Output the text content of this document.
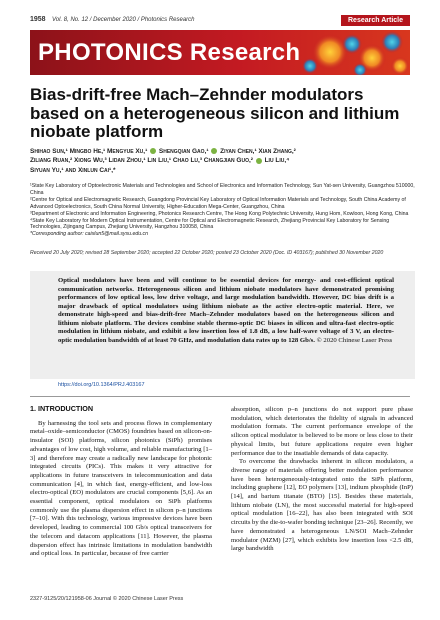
1958 Vol. 8, No. 12 / December 2020 / Photonics Research	Research Article
PHOTONICS Research
Bias-drift-free Mach–Zehnder modulators based on a heterogeneous silicon and lithium niobate platform
Shihao Sun,¹ Mingbo He,¹ Mengyue Xu,¹ Shengqian Gao,¹ Ziyan Chen,¹ Xian Zhang,²
Ziliang Ruan,² Xiong Wu,³ Lidan Zhou,¹ Lin Liu,¹ Chao Lu,³ Changjian Guo,² Liu Liu,⁴
Siyuan Yu,¹ and Xinlun Cai¹,*

¹State Key Laboratory of Optoelectronic Materials and Technologies and School of Electronics and Information Technology, Sun Yat-sen University, Guangzhou 510000, China

²Centre for Optical and Electromagnetic Research, Guangdong Provincial Key Laboratory of Optical Information Materials and Technology, South China Academy of Advanced Optoelectronics, South China Normal University, Higher-Education Mega-Center, Guangzhou, China

³Department of Electronic and Information Engineering, Photonics Research Centre, The Hong Kong Polytechnic University, Hung Hom, Kowloon, Hong Kong, China

⁴State Key Laboratory for Modern Optical Instrumentation, Centre for Optical and Electromagnetic Research, Zhejiang Provincial Key Laboratory for Sensing Technologies, Zijingang Campus, Zhejiang University, Hangzhou 310058, China

*Corresponding author: caixlun5@mail.sysu.edu.cn

Received 20 July 2020; revised 28 September 2020; accepted 22 October 2020; posted 23 October 2020 (Doc. ID 403167); published 30 November 2020
Optical modulators have been and will continue to be essential devices for energy- and cost-efficient optical communication networks. Heterogeneous silicon and lithium niobate modulators have demonstrated promising performances of low optical loss, low drive voltage, and large modulation bandwidth. However, DC bias drift is a major drawback of optical modulators using lithium niobate as the active electro-optic material. Here, we demonstrate high-speed and bias-drift-free Mach–Zehnder modulators based on the heterogeneous silicon and lithium niobate platform. The devices combine stable thermo-optic DC biases in silicon and ultra-fast electro-optic modulation in lithium niobate, and exhibit a low insertion loss of 1.8 dB, a low half-wave voltage of 3 V, an electro-optic modulation bandwidth of at least 70 GHz, and modulation data rates up to 128 Gb/s. © 2020 Chinese Laser Press
https://doi.org/10.1364/PRJ.403167
1. INTRODUCTION

By harnessing the tool sets and process flows in complementary metal–oxide–semiconductor (CMOS) foundries based on silicon-on-insulator (SOI) platforms, silicon photonics (SiPh) promises advantages of low cost, high volume, and reliable manufacturing [1–3] and therefore may create a radically new landscape for photonic integrated circuits (PICs). This makes it very attractive for applications in future transceivers in telecommunication and data communication [4], in which fast, energy-efficient, and low-loss electro-optical (EO) modulators are crucial components [5,6]. As an essential component, optical modulators on SiPh platforms commonly use the plasma dispersion effect in silicon p–n junctions [7–10]. With this technology, various impressive devices have been developed, leading to commercial 100 Gb/s optical transceivers for the telecom and datacom applications [11]. However, the plasma dispersion effect has intrinsic limitations in modulation bandwidth and optical loss. In particular, because of free carrier

absorption, silicon p–n junctions do not support pure phase modulation, which deteriorates the fidelity of signals in advanced modulation formats. The current performance envelope of the silicon optical modulator is believed to be more or less close to their physical limits, but future applications require even higher performance due to the insatiable demands of data capacity.

To overcome the drawbacks inherent in silicon modulators, a diverse range of materials offering better modulation performance have been heterogeneously-integrated onto the SiPh platform, including graphene [12], EO polymers [13], indium phosphide (InP) [14], and barium titanate (BTO) [15]. Besides these materials, lithium niobate (LN), the most successful material for high-speed optical modulation [16–22], has also been integrated with SOI circuits by the die-to-wafer bonding technique [23–26]. Recently, we have demonstrated a heterogeneous LN/SOI Mach–Zehnder modulator (MZM) [27], which exhibits low insertion loss <2.5 dB, large bandwidth

2327-9125/20/121958-06 Journal © 2020 Chinese Laser Press
